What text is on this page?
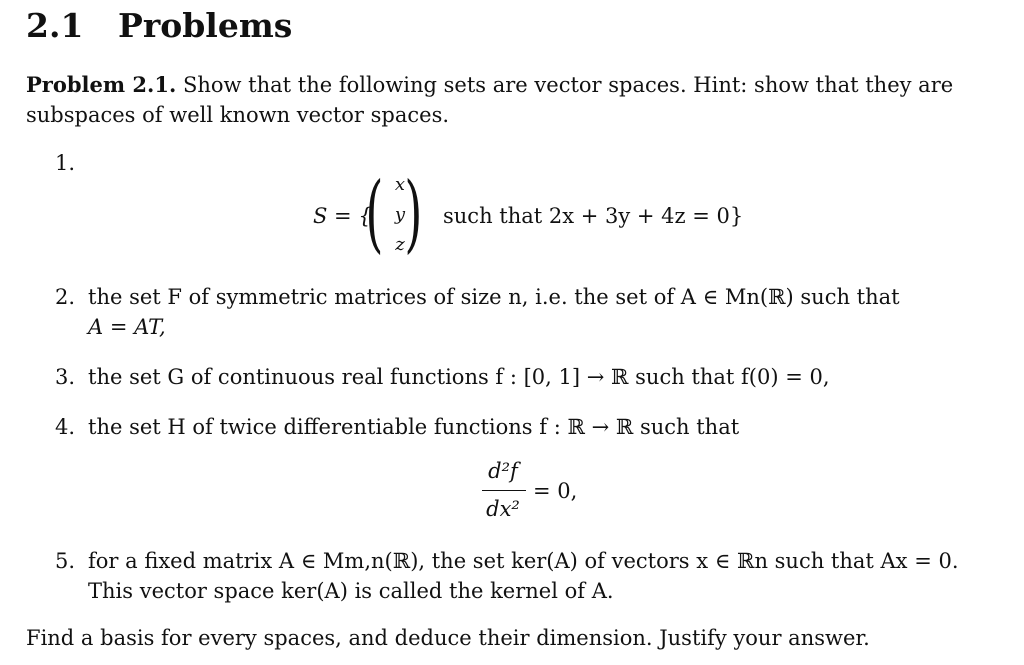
2.1 Problems
Problem 2.1. Show that the following sets are vector spaces. Hint: show that they are
subspaces of well known vector spaces.
1.
S = {
( x
y
z ) such that 2x + 3y + 4z = 0}
2. the set F of symmetric matrices of size n, i.e. the set of A ∈ Mn(ℝ) such that
A = AT,
3. the set G of continuous real functions f : [0, 1] → ℝ such that f(0) = 0,
4. the set H of twice differentiable functions f : ℝ → ℝ such that
d²f
dx²
= 0,
5. for a fixed matrix A ∈ Mm,n(ℝ), the set ker(A) of vectors x ∈ ℝn such that Ax = 0.
This vector space ker(A) is called the kernel of A.
Find a basis for every spaces, and deduce their dimension. Justify your answer.
